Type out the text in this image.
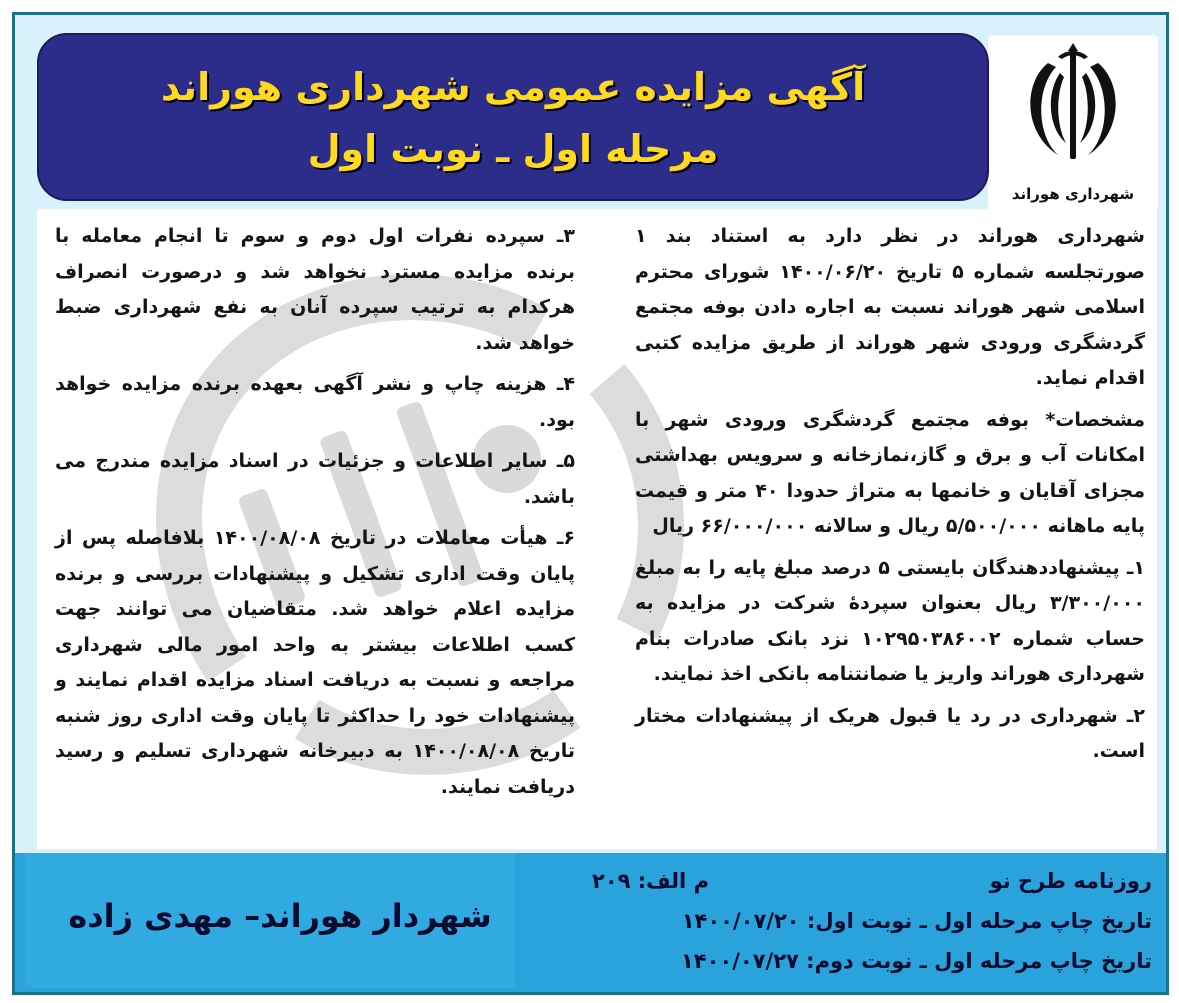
شهرداری هوراند
آگهی مزایده عمومی شهرداری هوراند
مرحله اول ـ نوبت اول

شهرداری هوراند در نظر دارد به استناد بند ۱ صورتجلسه شماره ۵ تاریخ ۱۴۰۰/۰۶/۲۰ شورای محترم اسلامی شهر هوراند نسبت به اجاره دادن بوفه مجتمع گردشگری ورودی شهر هوراند از طریق مزایده کتبی اقدام نماید.

مشخصات* بوفه مجتمع گردشگری ورودی شهر با امکانات آب و برق و گاز،نمازخانه و سرویس بهداشتی مجزای آقایان و خانمها به متراژ حدودا ۴۰ متر و قیمت پایه ماهانه ۵/۵۰۰/۰۰۰ ریال و سالانه ۶۶/۰۰۰/۰۰۰ ریال

۱ـ پیشنهاددهندگان بایستی ۵ درصد مبلغ پایه را به مبلغ ۳/۳۰۰/۰۰۰ ریال بعنوان سپردهٔ شرکت در مزایده به حساب شماره ۱۰۲۹۵۰۳۸۶۰۰۲ نزد بانک صادرات بنام شهرداری هوراند واریز یا ضمانتنامه بانکی اخذ نمایند.

۲ـ شهرداری در رد یا قبول هریک از پیشنهادات مختار است.

۳ـ سپرده نفرات اول دوم و سوم تا انجام معامله با برنده مزایده مسترد نخواهد شد و درصورت انصراف هرکدام به ترتیب سپرده آنان به نفع شهرداری ضبط خواهد شد.

۴ـ هزینه چاپ و نشر آگهی بعهده برنده مزایده خواهد بود.

۵ـ سایر اطلاعات و جزئیات در اسناد مزایده مندرج می باشد.

۶ـ هیأت معاملات در تاریخ ۱۴۰۰/۰۸/۰۸ بلافاصله پس از پایان وقت اداری تشکیل و پیشنهادات بررسی و برنده مزایده اعلام خواهد شد. متقاضیان می توانند جهت کسب اطلاعات بیشتر به واحد امور مالی شهرداری مراجعه و نسبت به دریافت اسناد مزایده اقدام نمایند و پیشنهادات خود را حداکثر تا پایان وقت اداری روز شنبه تاریخ ۱۴۰۰/۰۸/۰۸ به دبیرخانه شهرداری تسلیم و رسید دریافت نمایند.

روزنامه طرح نو
م الف: ۲۰۹
تاریخ چاپ مرحله اول ـ نوبت اول: ۱۴۰۰/۰۷/۲۰
تاریخ چاپ مرحله اول ـ نوبت دوم: ۱۴۰۰/۰۷/۲۷
شهردار هوراند– مهدی زاده
